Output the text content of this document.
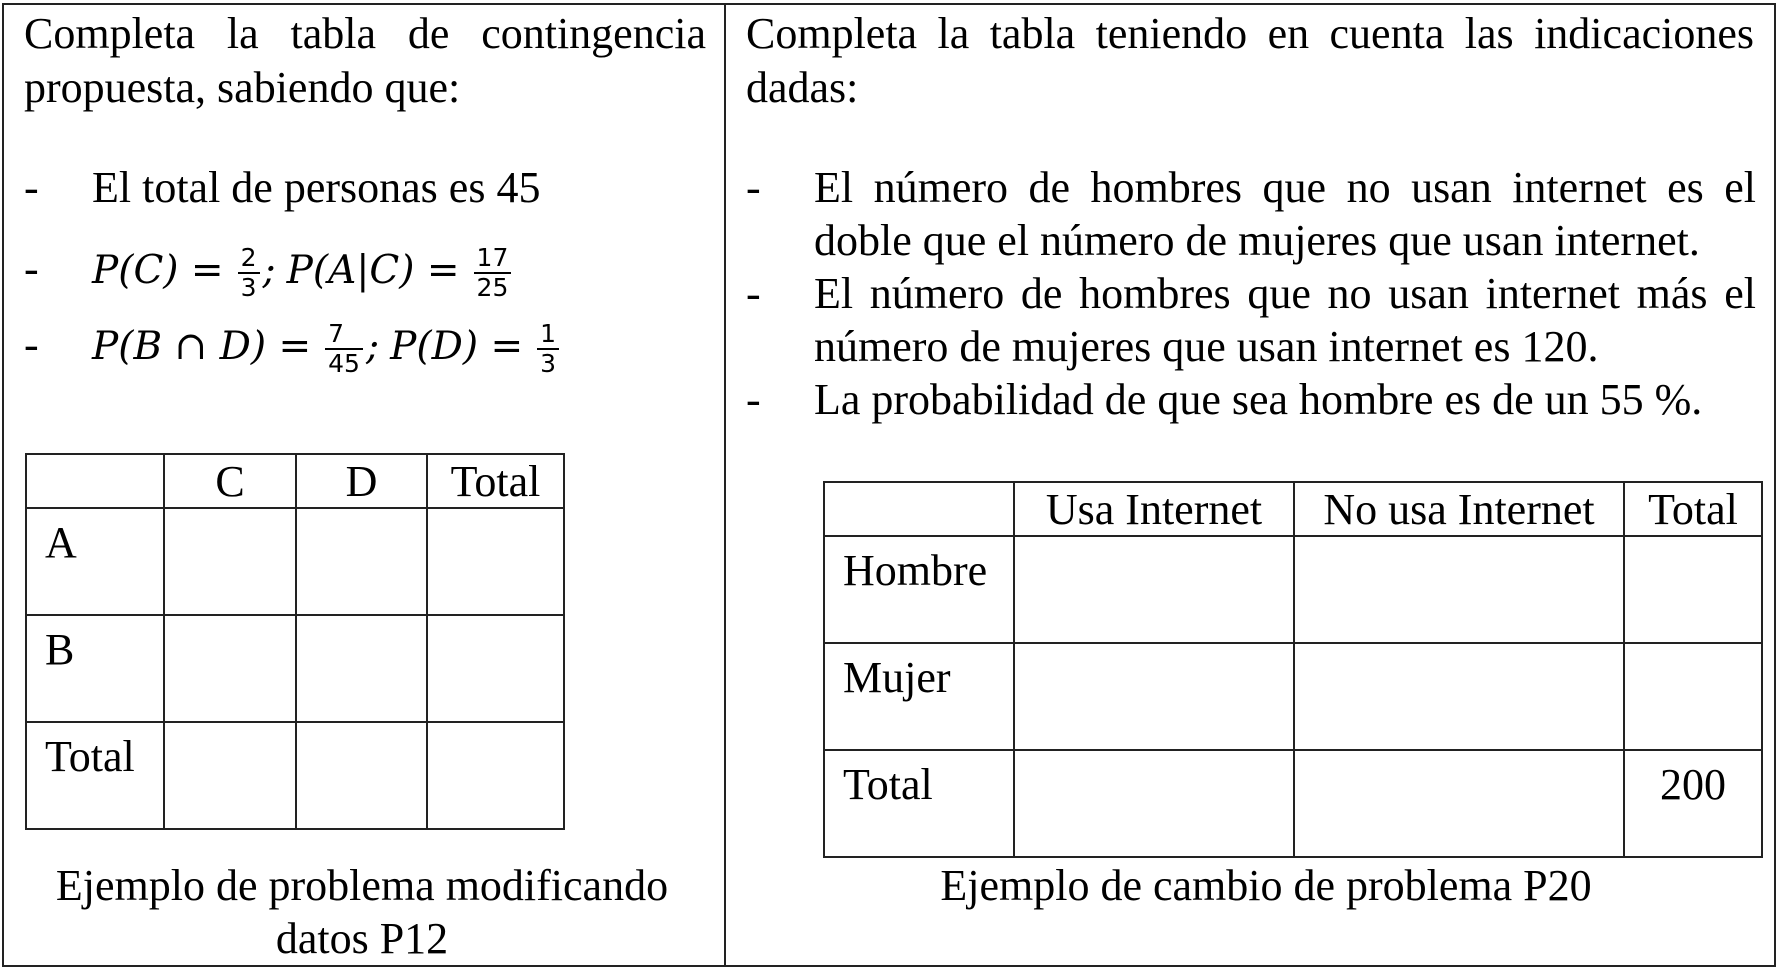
Completa la tabla de contingencia propuesta, sabiendo que:

- El total de personas es 45
- $P(C) = \frac{2}{3}$ ; $P(A|C) = \frac{17}{25}$
- P(B ∩ $D) = \frac{7}{45}$ ; $P(D) = \frac{1}{3}$
	C	D	Total
A			
B			
Total			

Ejemplo de problema modificando datos P12

Completa la tabla teniendo en cuenta las indicaciones dadas:

- El número de hombres que no usan internet es el doble que el número de mujeres que usan internet.
- El número de hombres que no usan internet más el número de mujeres que usan internet es 120.
- La probabilidad de que sea hombre es de un 55 %.
	Usa Internet	No usa Internet	Total
Hombre			
Mujer			
Total			200

Ejemplo de cambio de problema P20
